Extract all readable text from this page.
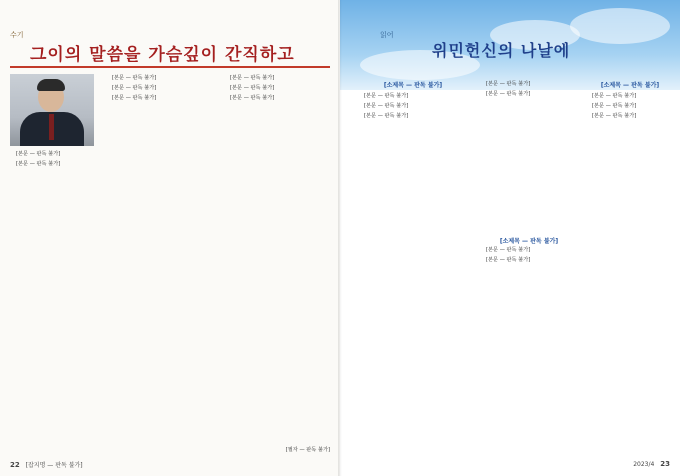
수기
그이의 말씀을 가슴깊이 간직하고

[본문 — 판독 불가]

[본문 — 판독 불가]

[본문 — 판독 불가]

[본문 — 판독 불가]

[본문 — 판독 불가]

[본문 — 판독 불가]

[본문 — 판독 불가]

[본문 — 판독 불가]

[필자 — 판독 불가]
22 [잡지명 — 판독 불가]
읽어
위민헌신의 나날에
[소제목 — 판독 불가]

[본문 — 판독 불가]

[본문 — 판독 불가]

[본문 — 판독 불가]

[본문 — 판독 불가]

[본문 — 판독 불가]

[소제목 — 판독 불가]

[본문 — 판독 불가]

[본문 — 판독 불가]

[소제목 — 판독 불가]

[본문 — 판독 불가]

[본문 — 판독 불가]

[본문 — 판독 불가]

2023/4 23
